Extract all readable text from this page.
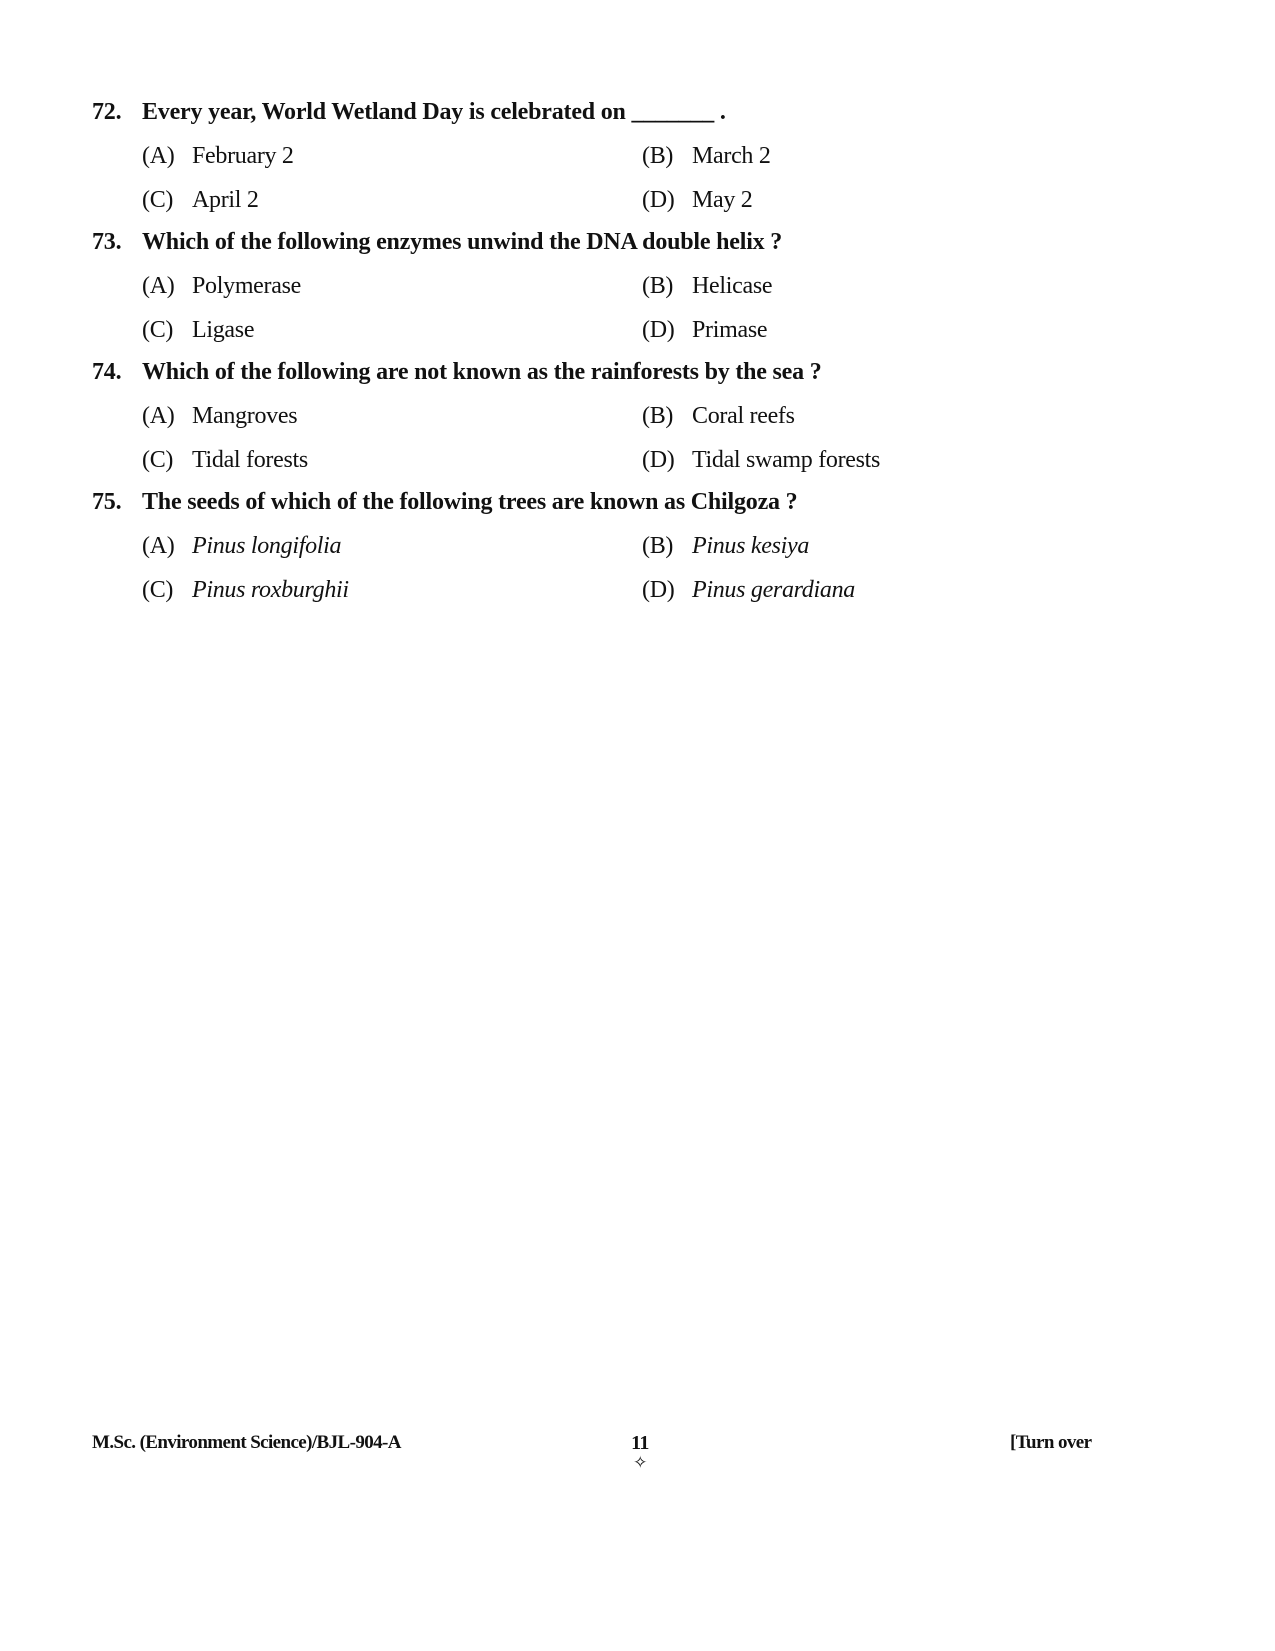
72. Every year, World Wetland Day is celebrated on _______ .
(A) February 2	(B) March 2
(C) April 2	(D) May 2
73. Which of the following enzymes unwind the DNA double helix ?
(A) Polymerase	(B) Helicase
(C) Ligase	(D) Primase
74. Which of the following are not known as the rainforests by the sea ?
(A) Mangroves	(B) Coral reefs
(C) Tidal forests	(D) Tidal swamp forests
75. The seeds of which of the following trees are known as Chilgoza ?
(A) Pinus longifolia	(B) Pinus kesiya
(C) Pinus roxburghii	(D) Pinus gerardiana
M.Sc. (Environment Science)/BJL-904-A	11
✧
[Turn over
